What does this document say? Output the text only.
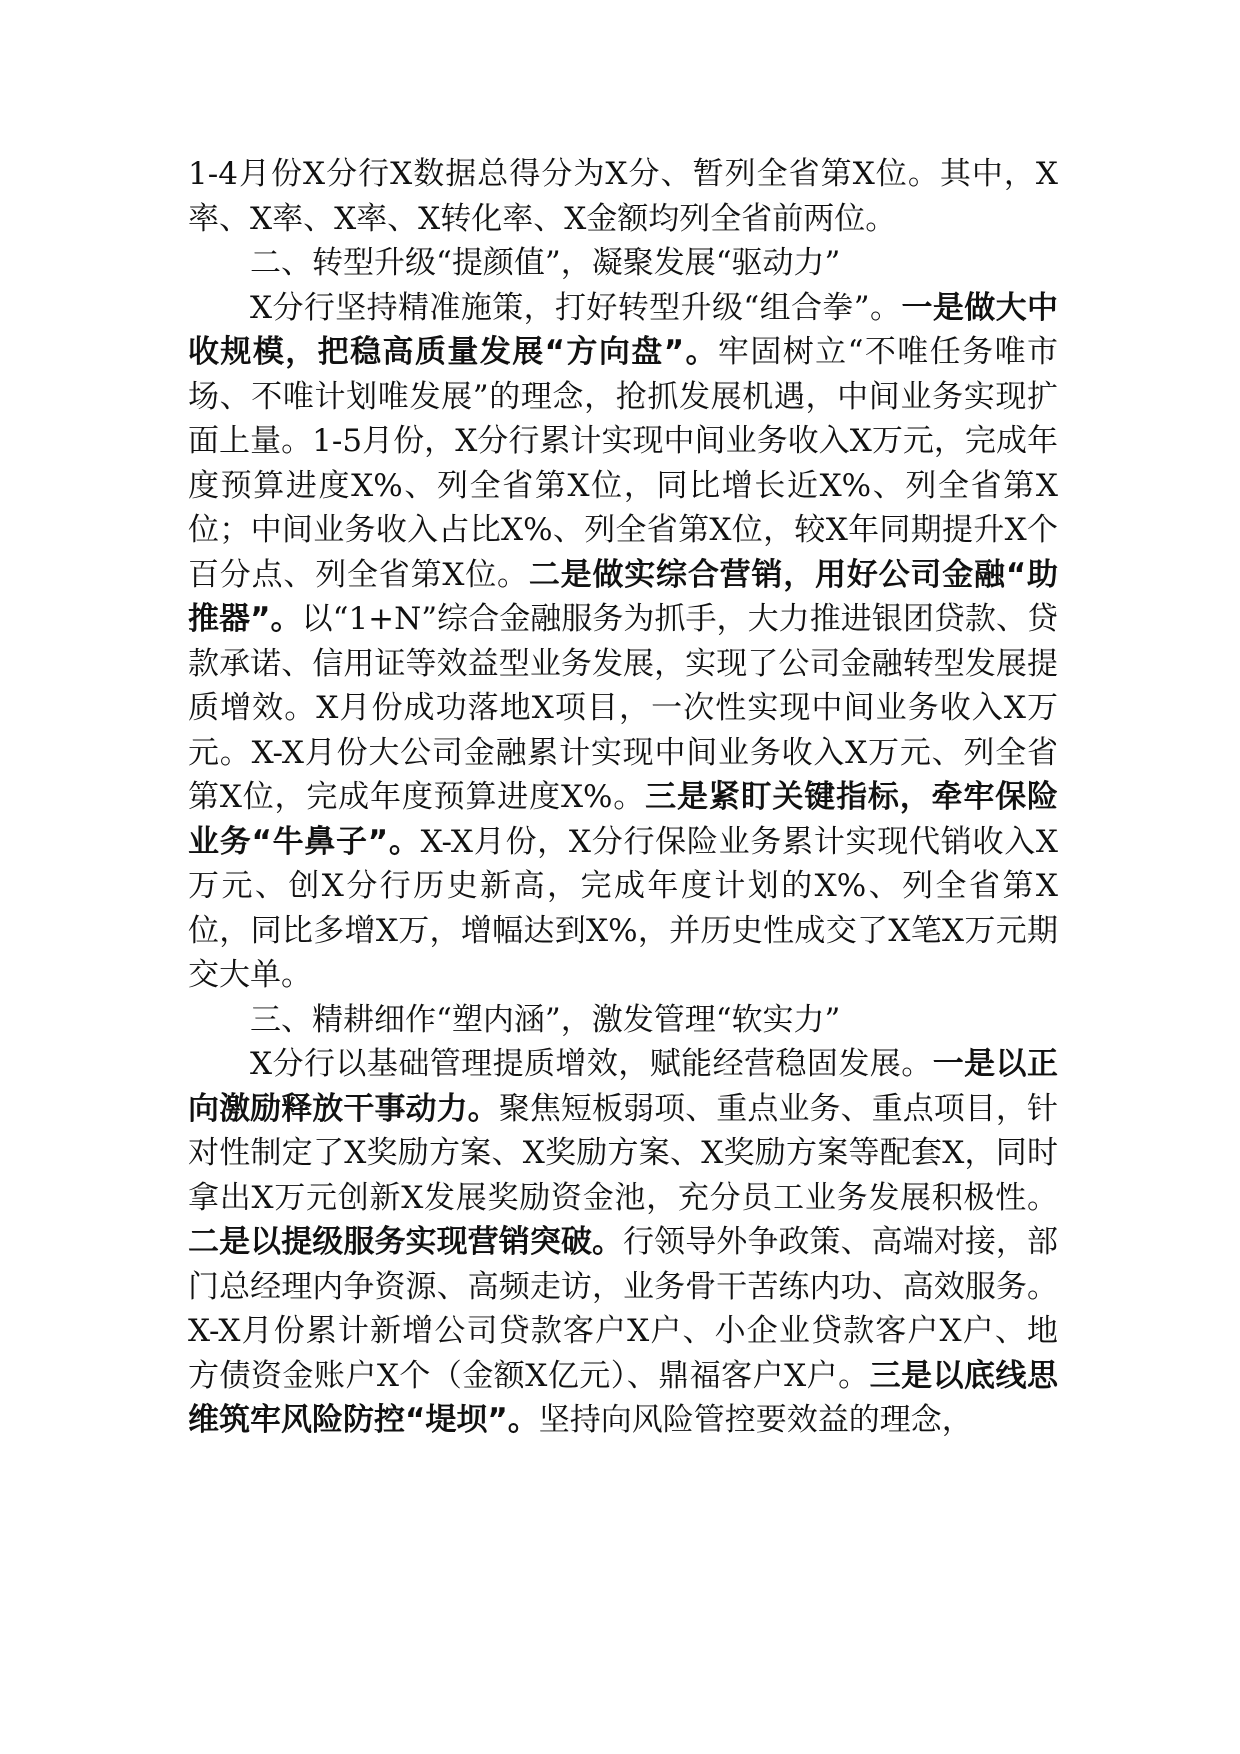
1-4月份X分行X数据总得分为X分、暂列全省第X位。其中，X率、X率、X率、X转化率、X金额均列全省前两位。

二、转型升级“提颜值”，凝聚发展“驱动力”

X分行坚持精准施策，打好转型升级“组合拳”。一是做大中收规模，把稳高质量发展“方向盘”。牢固树立“不唯任务唯市场、不唯计划唯发展”的理念，抢抓发展机遇，中间业务实现扩面上量。1-5月份，X分行累计实现中间业务收入X万元，完成年度预算进度X%、列全省第X位，同比增长近X%、列全省第X位；中间业务收入占比X%、列全省第X位，较X年同期提升X个百分点、列全省第X位。二是做实综合营销，用好公司金融“助推器”。以“1+N”综合金融服务为抓手，大力推进银团贷款、贷款承诺、信用证等效益型业务发展，实现了公司金融转型发展提质增效。X月份成功落地X项目，一次性实现中间业务收入X万元。X-X月份大公司金融累计实现中间业务收入X万元、列全省第X位，完成年度预算进度X%。三是紧盯关键指标，牵牢保险业务“牛鼻子”。X-X月份，X分行保险业务累计实现代销收入X万元、创X分行历史新高，完成年度计划的X%、列全省第X位，同比多增X万，增幅达到X%，并历史性成交了X笔X万元期交大单。

三、精耕细作“塑内涵”，激发管理“软实力”

X分行以基础管理提质增效，赋能经营稳固发展。一是以正向激励释放干事动力。聚焦短板弱项、重点业务、重点项目，针对性制定了X奖励方案、X奖励方案、X奖励方案等配套X，同时拿出X万元创新X发展奖励资金池，充分员工业务发展积极性。二是以提级服务实现营销突破。行领导外争政策、高端对接，部门总经理内争资源、高频走访，业务骨干苦练内功、高效服务。X-X月份累计新增公司贷款客户X户、小企业贷款客户X户、地方债资金账户X个（金额X亿元）、鼎福客户X户。三是以底线思维筑牢风险防控“堤坝”。坚持向风险管控要效益的理念，
